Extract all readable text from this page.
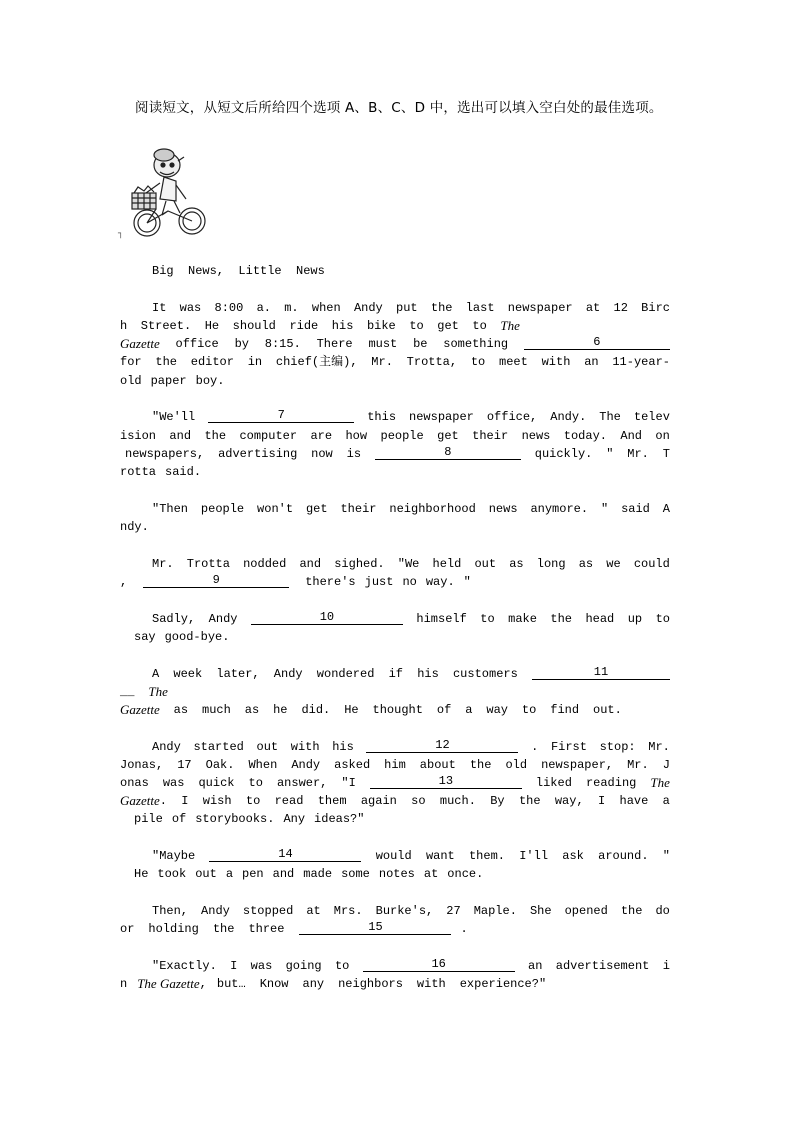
阅读短文，从短文后所给四个选项 A、B、C、D 中，选出可以填入空白处的最佳选项。
┐
Big  News,  Little  News
It was 8:00 a. m. when Andy put the last newspaper at 12 Birc
h Street. He should ride his bike to get to The
Gazette office by 8:15. There must be something	6
for the editor in chief(主编), Mr. Trotta, to meet with an 11-year-
old paper boy.
"We'll	7	this newspaper office, Andy. The telev
ision and the computer are how people get their news today. And on
newspapers, advertising now is	8	quickly. " Mr. T
rotta said.
"Then people won't get their neighborhood news anymore. " said A
ndy.
Mr. Trotta nodded and sighed. "We held out as long as we could
,	9	there's just no way. "
Sadly, Andy	10	himself to make the head up to
say good-bye.
A week later, Andy wondered if his customers	11
__ The
Gazette as much as he did. He thought of a way to find out.
Andy started out with his	12	. First stop: Mr.
Jonas, 17 Oak. When Andy asked him about the old newspaper, Mr. J
onas was quick to answer, "I	13	liked reading The
Gazette . I wish to read them again so much. By the way, I have a
pile of storybooks. Any ideas?"
"Maybe	14	would want them. I'll ask around. "
He took out a pen and made some notes at once.
Then, Andy stopped at Mrs. Burke's, 27 Maple. She opened the do
or holding the three	15	.
"Exactly. I was going to	16	an advertisement i
n The Gazette , but… Know any neighbors with experience?"
